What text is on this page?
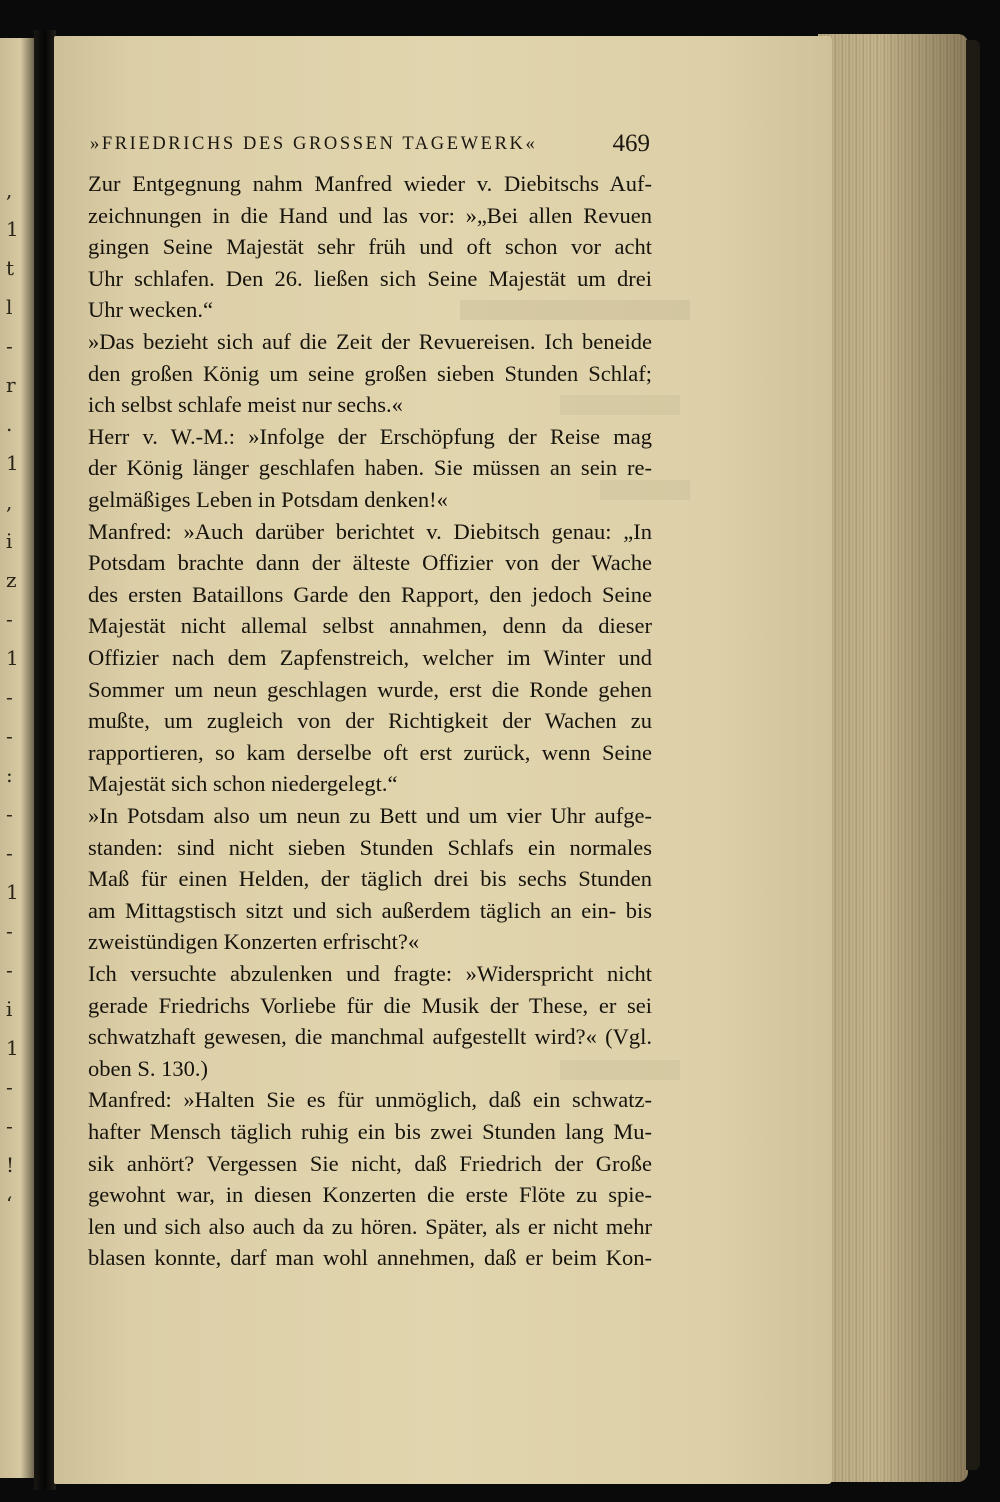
,
1
t
l
-
r
.
1
,
i
z
-
1
-
-
:
-
-
1
-
-
i
1
-
-
!
‘
»FRIEDRICHS DES GROSSEN TAGEWERK«	469
Zur Entgegnung nahm Manfred wieder v. Diebitschs Auf-
zeichnungen in die Hand und las vor: »„Bei allen Revuen
gingen Seine Majestät sehr früh und oft schon vor acht
Uhr schlafen. Den 26. ließen sich Seine Majestät um drei
Uhr wecken.“
»Das bezieht sich auf die Zeit der Revuereisen. Ich beneide
den großen König um seine großen sieben Stunden Schlaf;
ich selbst schlafe meist nur sechs.«
Herr v. W.-M.: »Infolge der Erschöpfung der Reise mag
der König länger geschlafen haben. Sie müssen an sein re-
gelmäßiges Leben in Potsdam denken!«
Manfred: »Auch darüber berichtet v. Diebitsch genau: „In
Potsdam brachte dann der älteste Offizier von der Wache
des ersten Bataillons Garde den Rapport, den jedoch Seine
Majestät nicht allemal selbst annahmen, denn da dieser
Offizier nach dem Zapfenstreich, welcher im Winter und
Sommer um neun geschlagen wurde, erst die Ronde gehen
mußte, um zugleich von der Richtigkeit der Wachen zu
rapportieren, so kam derselbe oft erst zurück, wenn Seine
Majestät sich schon niedergelegt.“
»In Potsdam also um neun zu Bett und um vier Uhr aufge-
standen: sind nicht sieben Stunden Schlafs ein normales
Maß für einen Helden, der täglich drei bis sechs Stunden
am Mittagstisch sitzt und sich außerdem täglich an ein- bis
zweistündigen Konzerten erfrischt?«
Ich versuchte abzulenken und fragte: »Widerspricht nicht
gerade Friedrichs Vorliebe für die Musik der These, er sei
schwatzhaft gewesen, die manchmal aufgestellt wird?« (Vgl.
oben S. 130.)
Manfred: »Halten Sie es für unmöglich, daß ein schwatz-
hafter Mensch täglich ruhig ein bis zwei Stunden lang Mu-
sik anhört? Vergessen Sie nicht, daß Friedrich der Große
gewohnt war, in diesen Konzerten die erste Flöte zu spie-
len und sich also auch da zu hören. Später, als er nicht mehr
blasen konnte, darf man wohl annehmen, daß er beim Kon-
